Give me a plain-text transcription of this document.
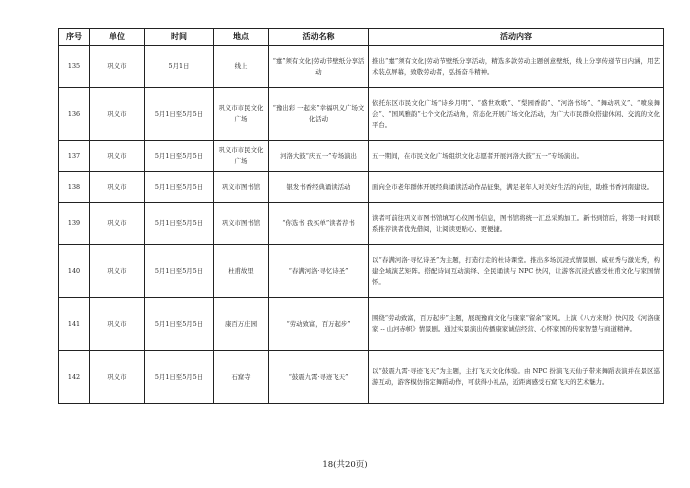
序号	单位	时间	地点	活动名称	活动内容
135	巩义市	5月1日	线上	“疐”须有文化|劳动节壁纸分享活动	推出“疐”须有文化|劳动节壁纸分享活动，精选多款劳动主题创意壁纸，线上分享传递节日内涵，用艺术装点屏幕，致敬劳动者，弘扬奋斗精神。
136	巩义市	5月1日至5月5日	巩义市市民文化广场	“豫出彩 一起来”幸福巩义广场文化活动	依托东区市民文化广场“诗乡月明”、“盛世欢歌”、“梨园香韵”、“河洛书场”、“舞动巩义”、“喷泉舞会”、“国风雅韵”七个文化活动角，常态化开展广场文化活动，为广大市民群众搭建休闲、交流的文化平台。
137	巩义市	5月1日至5月5日	巩义市市民文化广场	河洛大鼓“庆五一”专场演出	五一期间，在市民文化广场组织文化志愿者开展河洛大鼓“五一”专场演出。
138	巩义市	5月1日至5月5日	巩义市图书馆	银发书香经典诵读活动	面向全市老年群体开展经典诵读活动作品征集，满足老年人对美好生活的向往，助推书香河南建设。
139	巩义市	5月1日至5月5日	巩义市图书馆	“你选书 我买单”读者荐书	读者可前往巩义市图书馆填写心仪图书信息，图书馆将统一汇总采购加工。新书到馆后，将第一时间联系推荐读者优先借阅，让阅读更贴心、更便捷。
140	巩义市	5月1日至5月5日	杜甫故里	“春满河洛·寻忆诗圣”	以“春满河洛·寻忆诗圣”为主题，打造行走的杜诗课堂。推出多场沉浸式情景剧、威亚秀与激光秀，构建全域演艺矩阵。搭配诗词互动演绎、全民诵读与 NPC 快闪，让游客沉浸式感受杜甫文化与家国情怀。
141	巩义市	5月1日至5月5日	康百万庄园	“劳动致富，百万起步”	围绕“劳动致富，百万起步”主题，展现豫商文化与康家“留余”家风。上演《八方来财》快闪及《河洛康家 -- 山河赤帜》情景剧。通过实景演出传播康家诚信经营、心怀家国的传家智慧与商道精神。
142	巩义市	5月1日至5月5日	石窟寺	“鼓震九霄·寻迹飞天”	以“鼓震九霄·寻迹飞天”为主题，主打飞天文化体验。由 NPC 扮演飞天仙子带来舞蹈表演并在景区巡游互动，游客模仿指定舞蹈动作，可获得小礼品，近距离感受石窟飞天的艺术魅力。
18(共20页)
